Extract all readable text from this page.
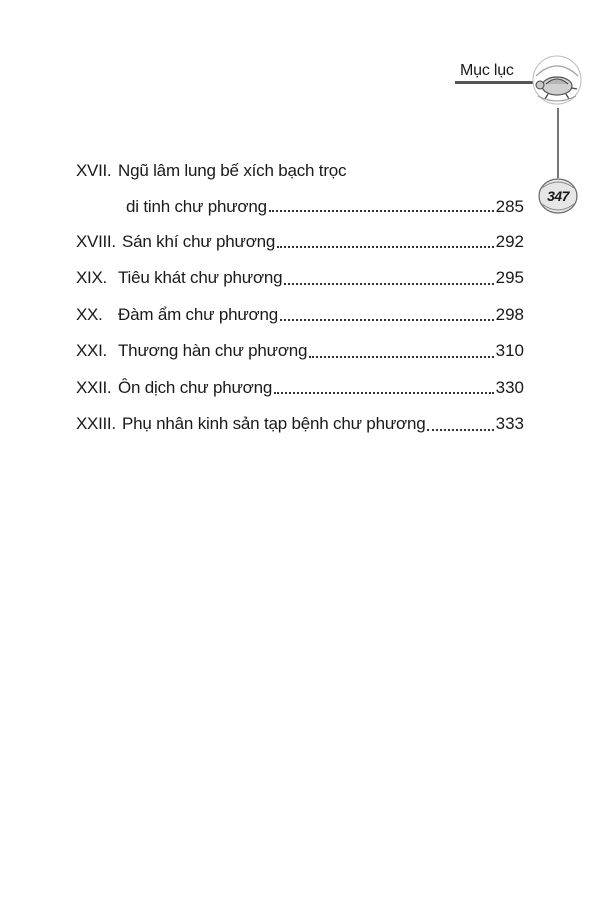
Mục lục
347
XVII. Ngũ lâm lung bế xích bạch trọc
di tinh chư phương	285
XVIII. Sán khí chư phương	292
XIX. Tiêu khát chư phương	295
XX. Đàm ẩm chư phương	298
XXI. Thương hàn chư phương	310
XXII. Ôn dịch chư phương	330
XXIII. Phụ nhân kinh sản tạp bệnh chư phương	333
